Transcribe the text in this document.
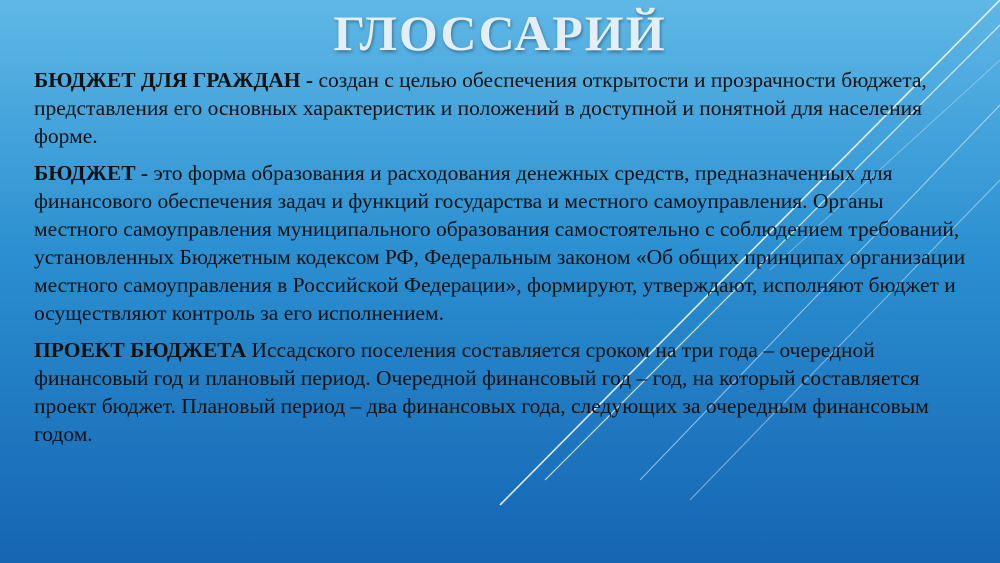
ГЛОССАРИЙ

БЮДЖЕТ ДЛЯ ГРАЖДАН - создан с целью обеспечения открытости и прозрачности бюджета, представления его основных характеристик и положений в доступной и понятной для населения форме.

БЮДЖЕТ - это форма образования и расходования денежных средств, предназначенных для финансового обеспечения задач и функций государства и местного самоуправления. Органы местного самоуправления муниципального образования самостоятельно с соблюдением требований, установленных Бюджетным кодексом РФ, Федеральным законом «Об общих принципах организации местного самоуправления в Российской Федерации», формируют, утверждают, исполняют бюджет и осуществляют контроль за его исполнением.

ПРОЕКТ БЮДЖЕТА Иссадского поселения составляется сроком на три года – очередной финансовый год и плановый период. Очередной финансовый год – год, на который составляется проект бюджет. Плановый период – два финансовых года, следующих за очередным финансовым годом.
